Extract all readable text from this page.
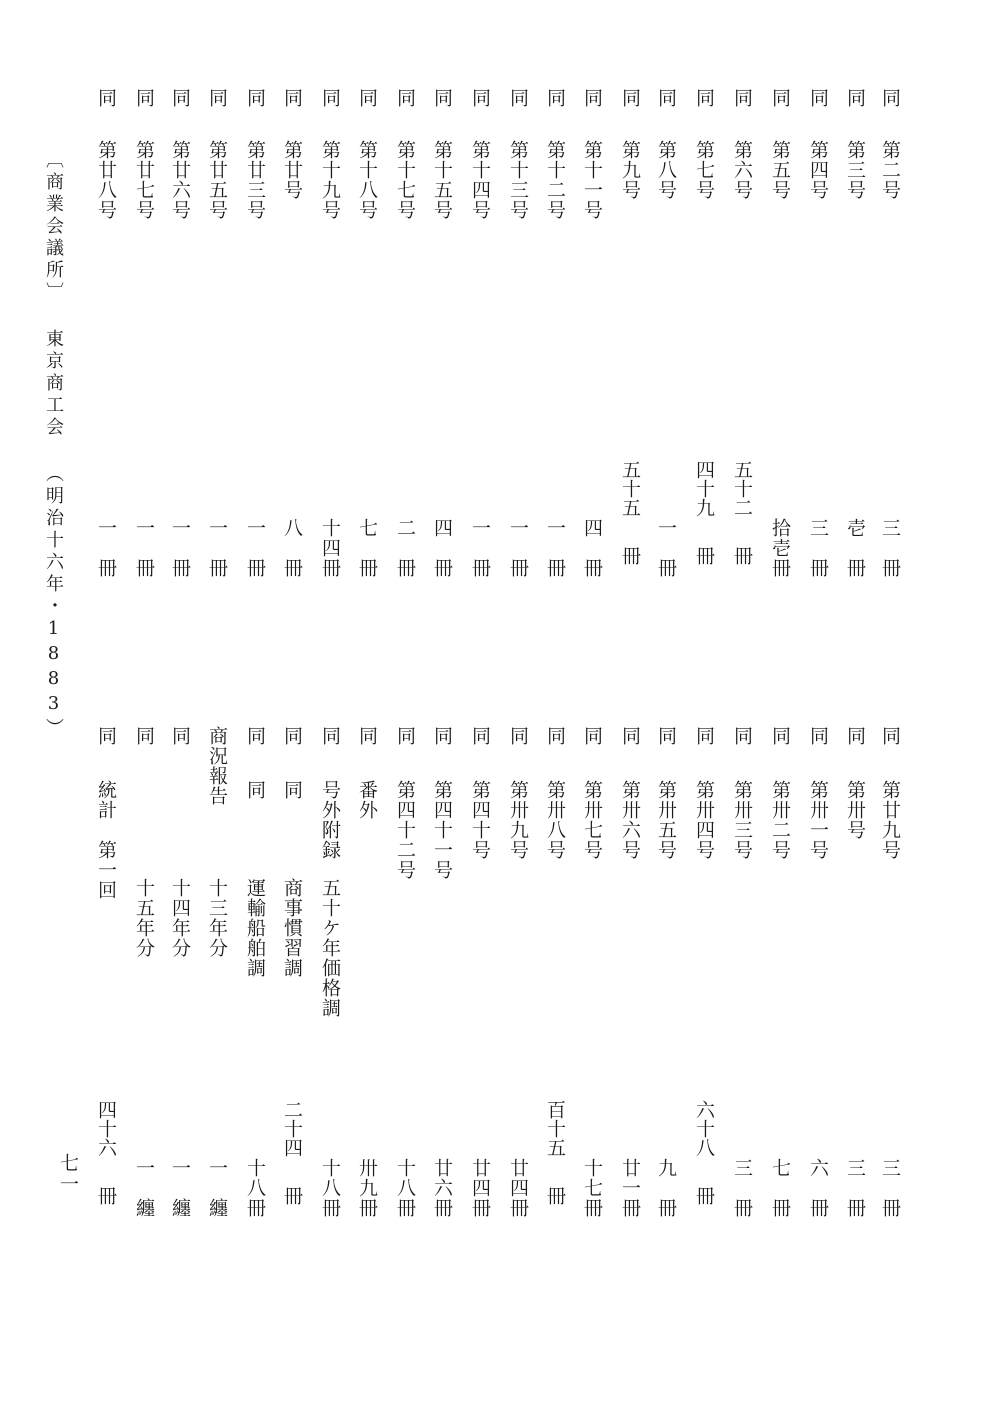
〔商業会議所〕 東京商工会 （明治十六年・1883）
七一
同
第二号
三　冊
同
第三号
壱　冊
同
第四号
三　冊
同
第五号
拾壱冊
同
第六号
五十二
冊
同
第七号
四十九
冊
同
第八号
一　冊
同
第九号
五十五
冊
同
第十一号
四　冊
同
第十二号
一　冊
同
第十三号
一　冊
同
第十四号
一　冊
同
第十五号
四　冊
同
第十七号
二　冊
同
第十八号
七　冊
同
第十九号
十四冊
同
第廿号
八　冊
同
第廿三号
一　冊
同
第廿五号
一　冊
同
第廿六号
一　冊
同
第廿七号
一　冊
同
第廿八号
一　冊
同
第廿九号
三　冊
同
第卅号
三　冊
同
第卅一号
六　冊
同
第卅二号
七　冊
同
第卅三号
三　冊
同
第卅四号
六十八
冊
同
第卅五号
九　冊
同
第卅六号
廿一冊
同
第卅七号
十七冊
同
第卅八号
百十五
冊
同
第卅九号
廿四冊
同
第四十号
廿四冊
同
第四十一号
廿六冊
同
第四十二号
十八冊
同
番外
卅九冊
同
号外附録
五十ケ年価格調
十八冊
同
同
商事慣習調
二十四
冊
同
同
運輸船舶調
十八冊
商況報告
十三年分
一　纏
同
十四年分
一　纏
同
十五年分
一　纏
同
統計　第一回
四十六
冊
